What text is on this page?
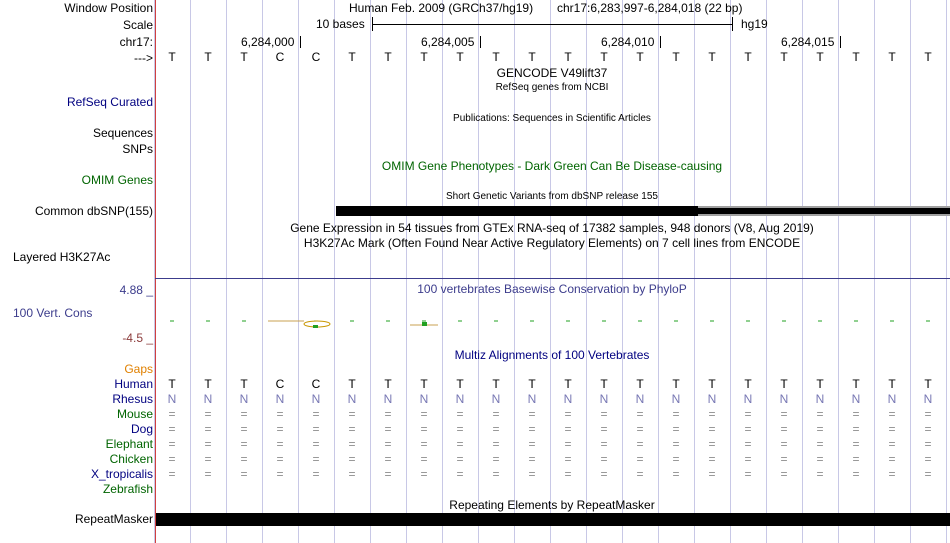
Window Position	Human Feb. 2009 (GRCh37/hg19) chr17:6,283,997-6,284,018 (22 bp)
Scale	10 bases	hg19
chr17:	6,284,000	6,284,005	6,284,010	6,284,015
--->	T	T	T	C	C	T	T	T	T	T	T	T	T	T	T	T	T	T	T	T	T	T
GENCODE V49lift37
RefSeq genes from NCBI
RefSeq Curated
Publications: Sequences in Scientific Articles
Sequences
SNPs
OMIM Gene Phenotypes - Dark Green Can Be Disease-causing
OMIM Genes
Short Genetic Variants from dbSNP release 155
Common dbSNP(155)
Gene Expression in 54 tissues from GTEx RNA-seq of 17382 samples, 948 donors (V8, Aug 2019)
H3K27Ac Mark (Often Found Near Active Regulatory Elements) on 7 cell lines from ENCODE
Layered H3K27Ac
4.88 _	100 vertebrates Basewise Conservation by PhyloP
100 Vert. Cons
-4.5 _
Multiz Alignments of 100 Vertebrates
Gaps
Human	T	T	T	C	C	T	T	T	T	T	T	T	T	T	T	T	T	T	T	T	T	T
Rhesus	N	N	N	N	N	N	N	N	N	N	N	N	N	N	N	N	N	N	N	N	N	N
Mouse	=	=	=	=	=	=	=	=	=	=	=	=	=	=	=	=	=	=	=	=	=	=
Dog	=	=	=	=	=	=	=	=	=	=	=	=	=	=	=	=	=	=	=	=	=	=
Elephant	=	=	=	=	=	=	=	=	=	=	=	=	=	=	=	=	=	=	=	=	=	=
Chicken	=	=	=	=	=	=	=	=	=	=	=	=	=	=	=	=	=	=	=	=	=	=
X_tropicalis	=	=	=	=	=	=	=	=	=	=	=	=	=	=	=	=	=	=	=	=	=	=
Zebrafish
Repeating Elements by RepeatMasker
RepeatMasker
